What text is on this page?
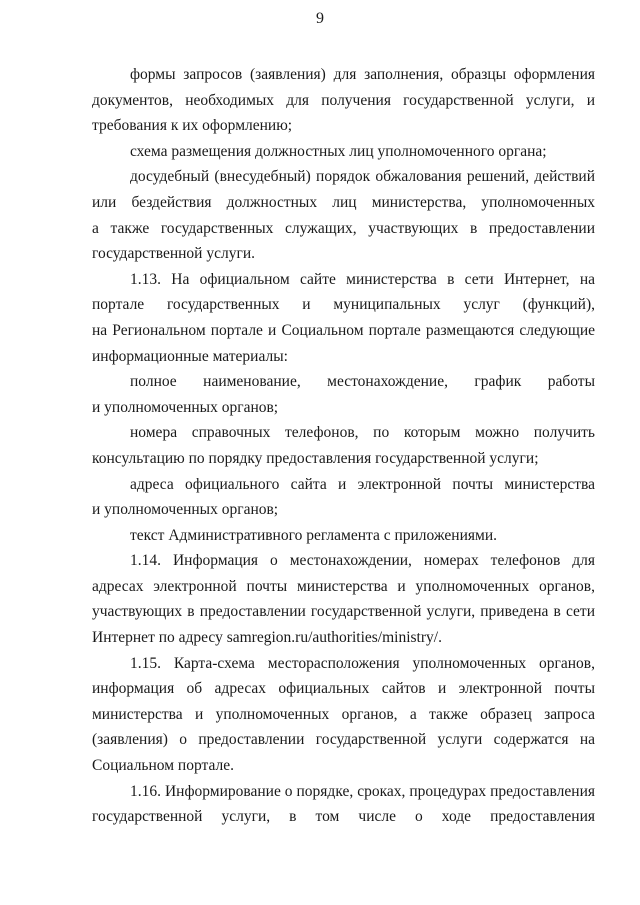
9
формы запросов (заявления) для заполнения, образцы оформления
документов, необходимых для получения государственной услуги, и
требования к их оформлению;
схема размещения должностных лиц уполномоченного органа;
досудебный (внесудебный) порядок обжалования решений, действий
или бездействия должностных лиц министерства, уполномоченных
а также государственных служащих, участвующих в предоставлении
государственной услуги.
1.13. На официальном сайте министерства в сети Интернет, на
портале государственных и муниципальных услуг (функций),
на Региональном портале и Социальном портале размещаются следующие
информационные материалы:
полное наименование, местонахождение, график работы
и уполномоченных органов;
номера справочных телефонов, по которым можно получить
консультацию по порядку предоставления государственной услуги;
адреса официального сайта и электронной почты министерства
и уполномоченных органов;
текст Административного регламента с приложениями.
1.14. Информация о местонахождении, номерах телефонов для
адресах электронной почты министерства и уполномоченных органов,
участвующих в предоставлении государственной услуги, приведена в сети
Интернет по адресу samregion.ru/authorities/ministry/.
1.15. Карта-схема месторасположения уполномоченных органов,
информация об адресах официальных сайтов и электронной почты
министерства и уполномоченных органов, а также образец запроса
(заявления) о предоставлении государственной услуги содержатся на
Социальном портале.
1.16. Информирование о порядке, сроках, процедурах предоставления
государственной услуги, в том числе о ходе предоставления
